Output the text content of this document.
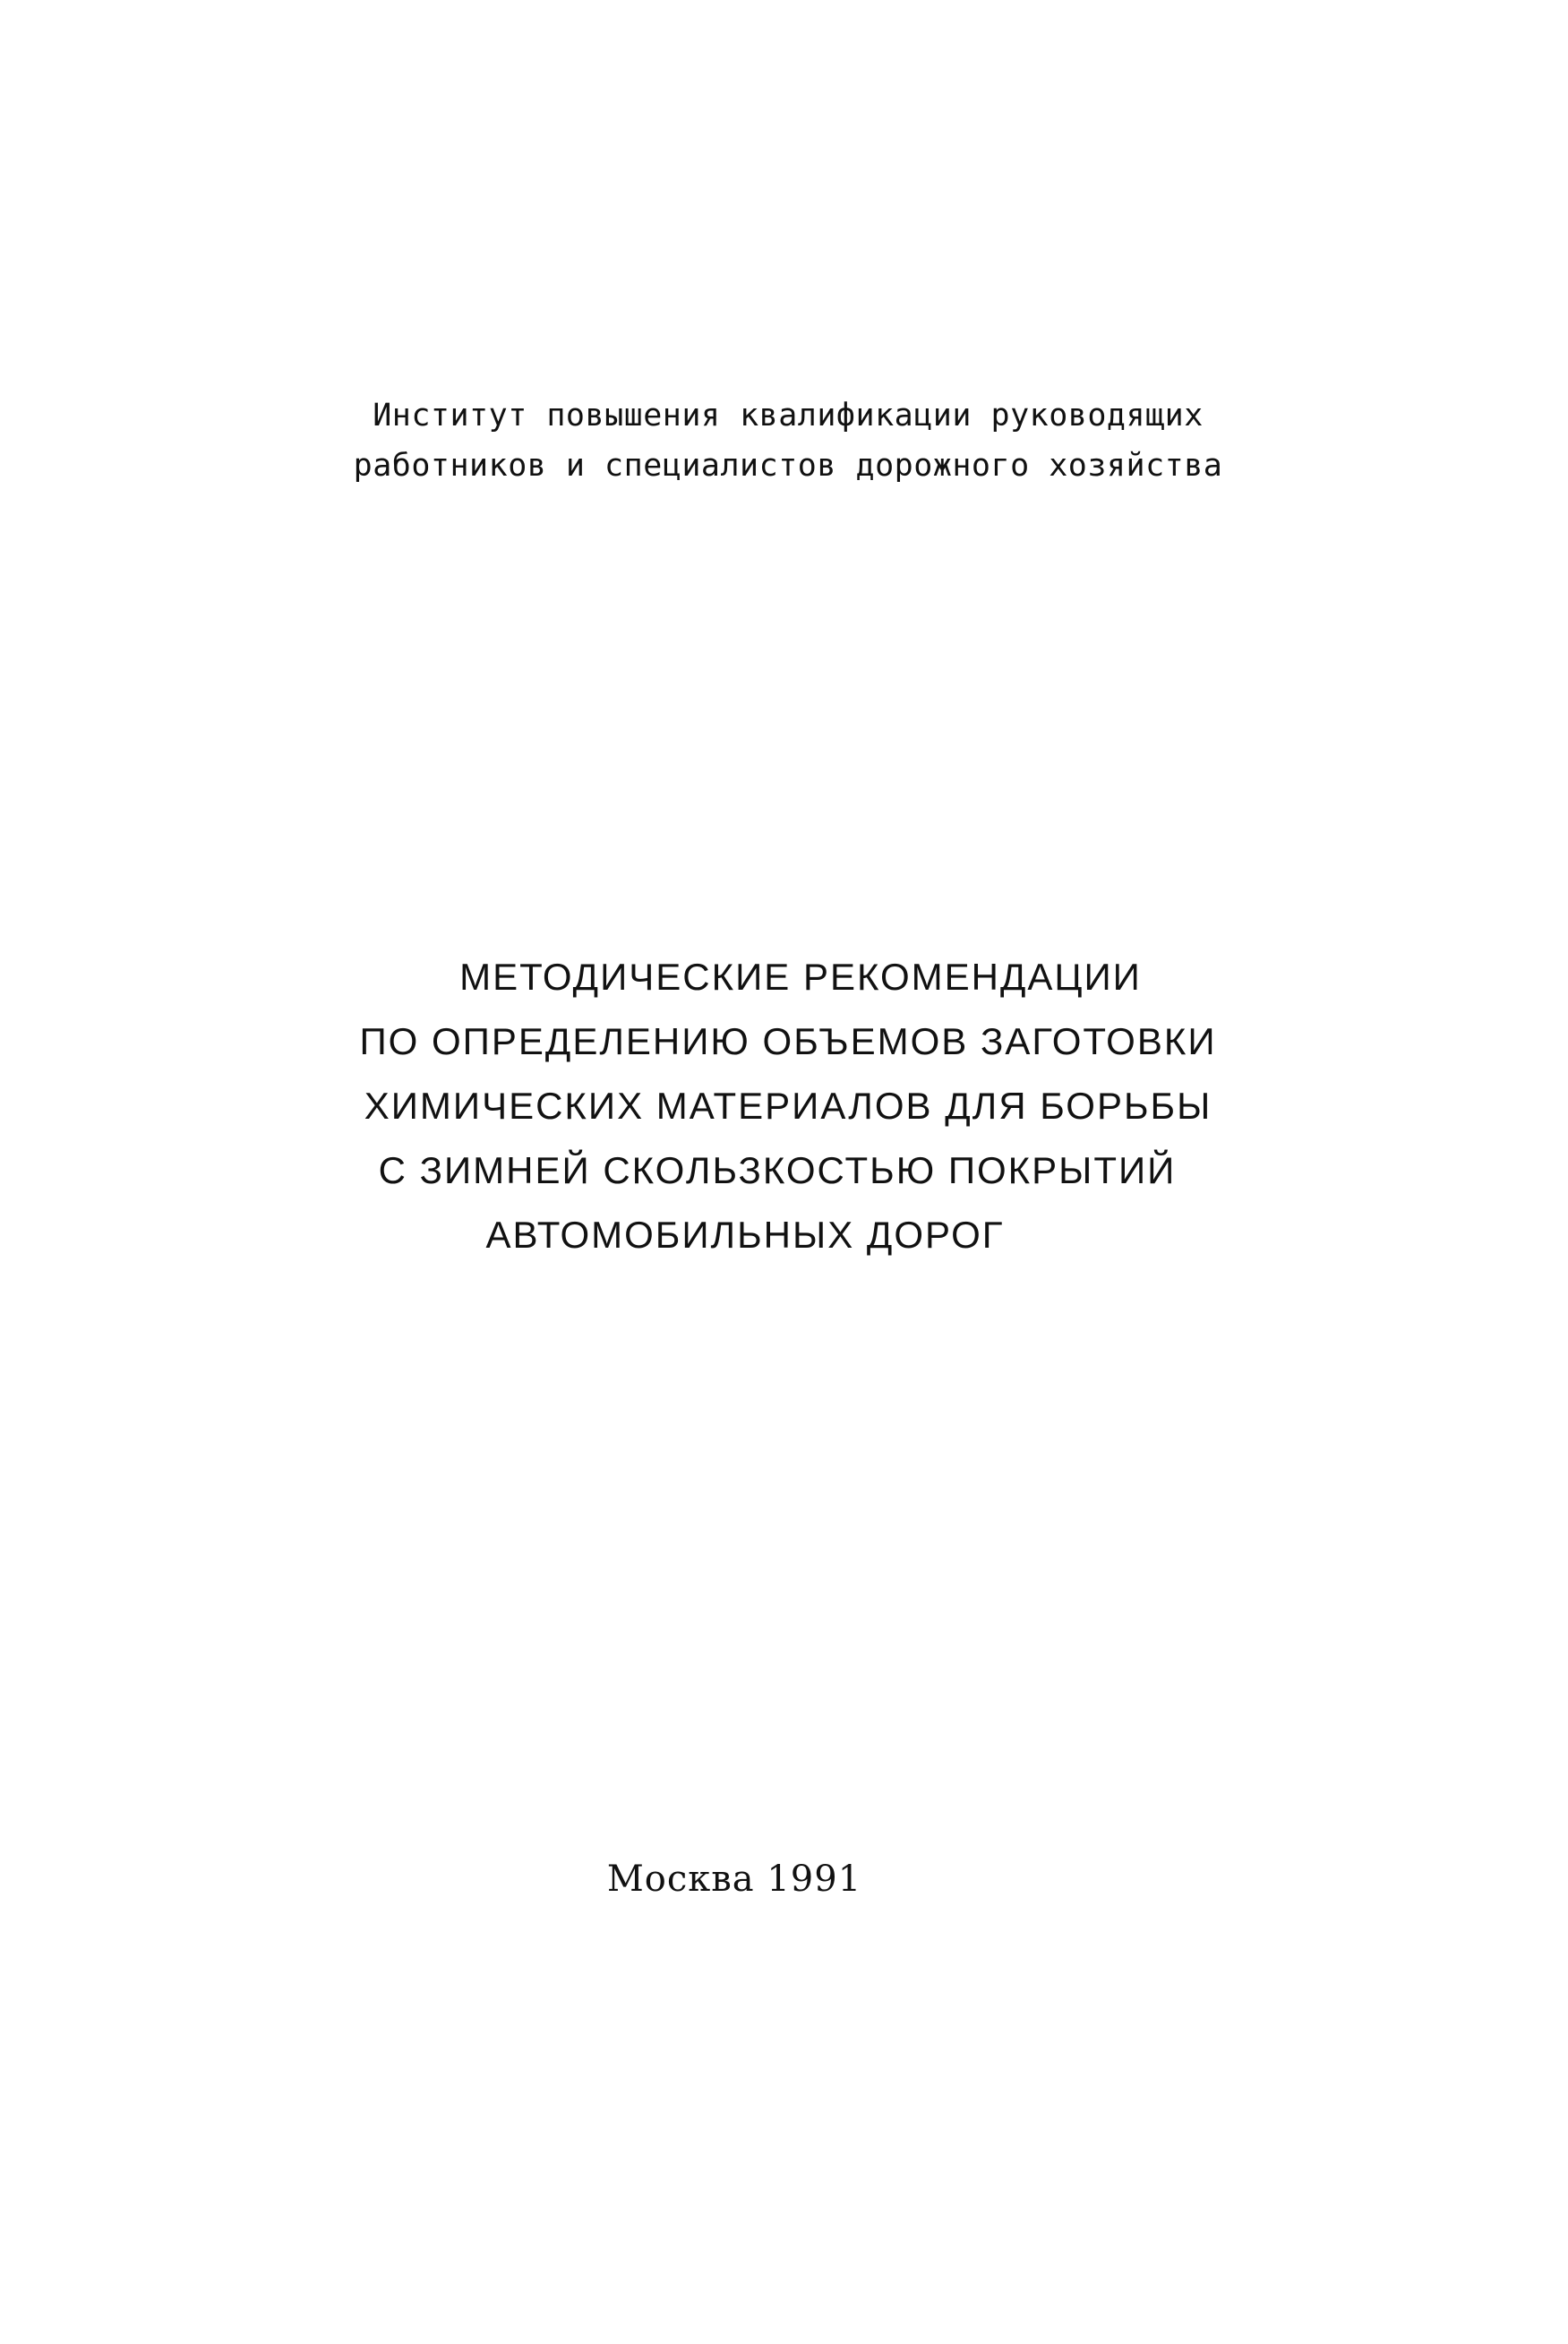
Институт повышения квалификации руководящих
работников и специалистов дорожного хозяйства
МЕТОДИЧЕСКИЕ РЕКОМЕНДАЦИИ
ПО ОПРЕДЕЛЕНИЮ ОБЪЕМОВ ЗАГОТОВКИ
ХИМИЧЕСКИХ МАТЕРИАЛОВ ДЛЯ БОРЬБЫ
С ЗИМНЕЙ СКОЛЬЗКОСТЬЮ ПОКРЫТИЙ
АВТОМОБИЛЬНЫХ ДОРОГ
Москва 1991
